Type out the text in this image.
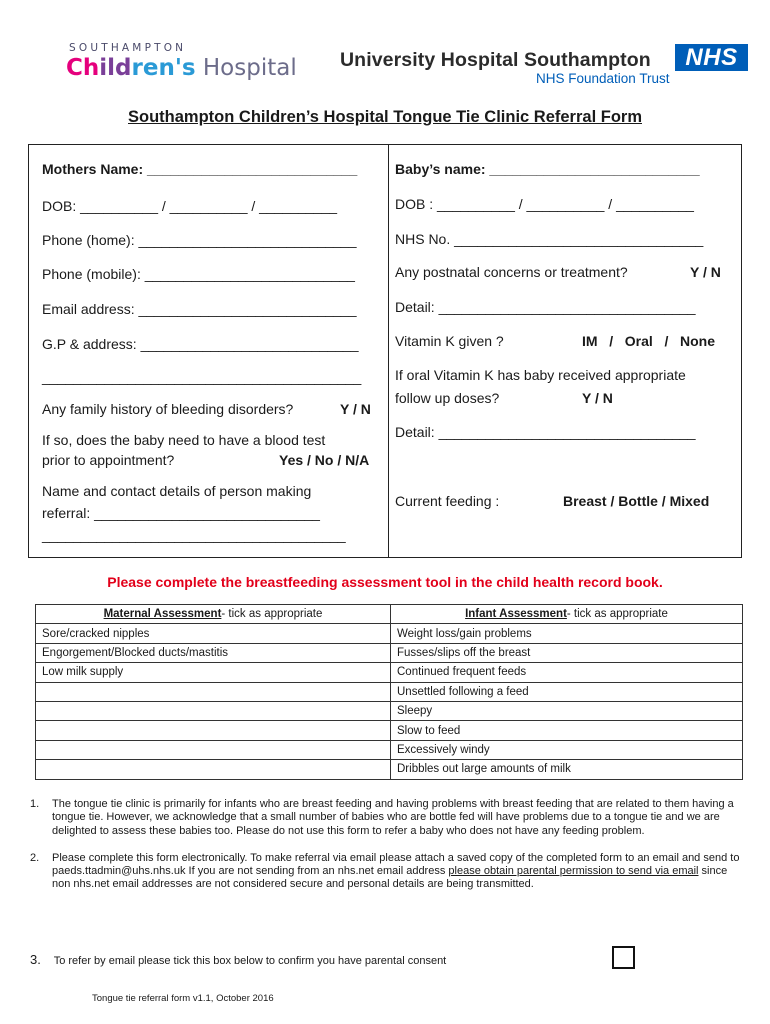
SOUTHAMPTON
Children's Hospital University Hospital Southampton	NHS
NHS Foundation Trust
Southampton Children’s Hospital Tongue Tie Clinic Referral Form
Mothers Name: ___________________________
DOB: __________ / __________ / __________
Phone (home): ____________________________
Phone (mobile): ___________________________
Email address: ____________________________
G.P & address: ____________________________
_________________________________________
Any family history of bleeding disorders?	Y / N
If so, does the baby need to have a blood test
prior to appointment?	Yes / No / N/A
Name and contact details of person making
referral: _____________________________
_______________________________________
Baby’s name: ___________________________
DOB : __________ / __________ / __________
NHS No. ________________________________
Any postnatal concerns or treatment?	Y / N
Detail: _________________________________
Vitamin K given ?	IM   /   Oral   /   None
If oral Vitamin K has baby received appropriate
follow up doses?	Y / N
Detail: _________________________________
Current feeding :	Breast / Bottle / Mixed
Please complete the breastfeeding assessment tool in the child health record book.
Maternal Assessment- tick as appropriate	Infant Assessment- tick as appropriate
Sore/cracked nipples	Weight loss/gain problems
Engorgement/Blocked ducts/mastitis	Fusses/slips off the breast
Low milk supply	Continued frequent feeds
	Unsettled following a feed
	Sleepy
	Slow to feed
	Excessively windy
	Dribbles out large amounts of milk
1. The tongue tie clinic is primarily for infants who are breast feeding and having problems with breast feeding that are related to them having a tongue tie. However, we acknowledge that a small number of babies who are bottle fed will have problems due to a tongue tie and we are delighted to assess these babies too. Please do not use this form to refer a baby who does not have any feeding problem.
2. Please complete this form electronically. To make referral via email please attach a saved copy of the completed form to an email and send to paeds.ttadmin@uhs.nhs.uk If you are not sending from an nhs.net email address please obtain parental permission to send via email since non nhs.net email addresses are not considered secure and personal details are being transmitted.
3. To refer by email please tick this box below to confirm you have parental consent
Tongue tie referral form v1.1, October 2016
